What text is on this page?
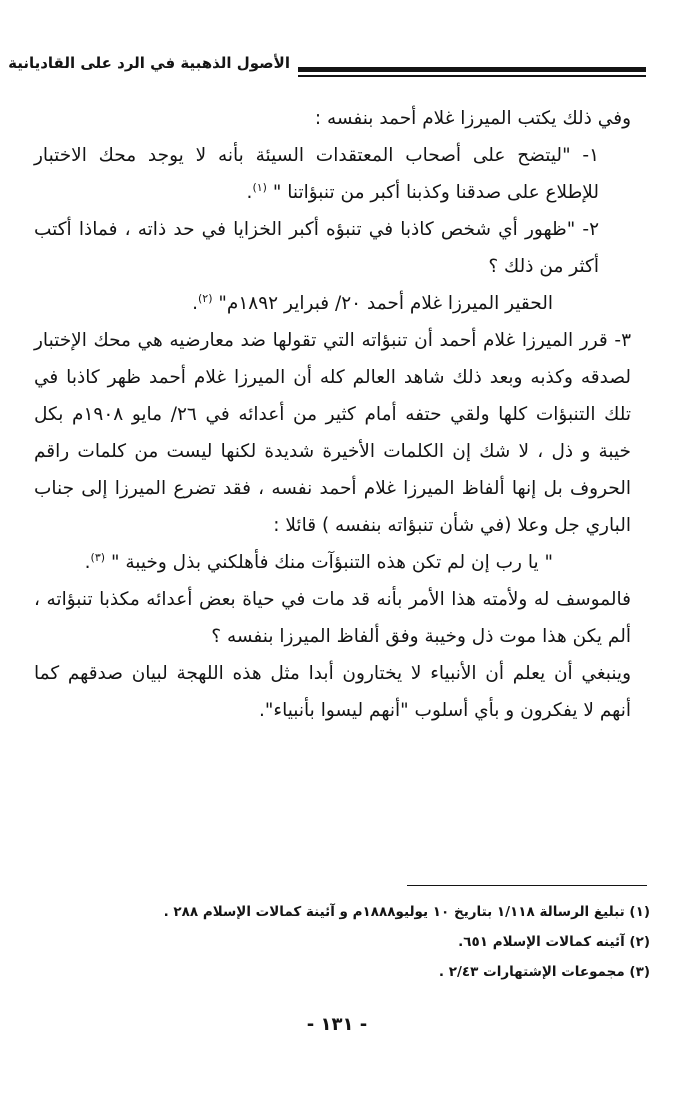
الأصول الذهبية في الرد على القاديانية

وفي ذلك يكتب الميرزا غلام أحمد بنفسه :

١- "ليتضح على أصحاب المعتقدات السيئة بأنه لا يوجد محك الاختبار للإطلاع على صدقنا وكذبنا أكبر من تنبؤاتنا " $^{(١)}$.

٢- "ظهور أي شخص كاذبا في تنبؤه أكبر الخزايا في حد ذاته ، فماذا أكتب أكثر من ذلك ؟

الحقير الميرزا غلام أحمد ٢٠/ فبراير ١٨٩٢م" $^{(٢)}$.

٣- قرر الميرزا غلام أحمد أن تنبؤاته التي تقولها ضد معارضيه هي محك الإختبار لصدقه وكذبه وبعد ذلك شاهد العالم كله أن الميرزا غلام أحمد ظهر كاذبا في تلك التنبؤات كلها ولقي حتفه أمام كثير من أعدائه في ٢٦/ مايو ١٩٠٨م بكل خيبة و ذل ، لا شك إن الكلمات الأخيرة شديدة لكنها ليست من كلمات راقم الحروف بل إنها ألفاظ الميرزا غلام أحمد نفسه ، فقد تضرع الميرزا إلى جناب الباري جل وعلا (في شأن تنبؤاته بنفسه ) قائلا :

" يا رب إن لم تكن هذه التنبؤآت منك فأهلكني بذل وخيبة " $^{(٣)}$.

فالموسف له ولأمته هذا الأمر بأنه قد مات في حياة بعض أعدائه مكذبا تنبؤاته ، ألم يكن هذا موت ذل وخيبة وفق ألفاظ الميرزا بنفسه ؟

وينبغي أن يعلم أن الأنبياء لا يختارون أبدا مثل هذه اللهجة لبيان صدقهم كما أنهم لا يفكرون و بأي أسلوب "أنهم ليسوا بأنبياء".

(١) تبليغ الرسالة ١/١١٨ بتاريخ ١٠ يوليو١٨٨٨م و آئينة كمالات الإسلام ٢٨٨ .

(٢) آئينه كمالات الإسلام ٦٥١.

(٣) مجموعات الإشتهارات ٢/٤٣ .

- ١٣١ -
